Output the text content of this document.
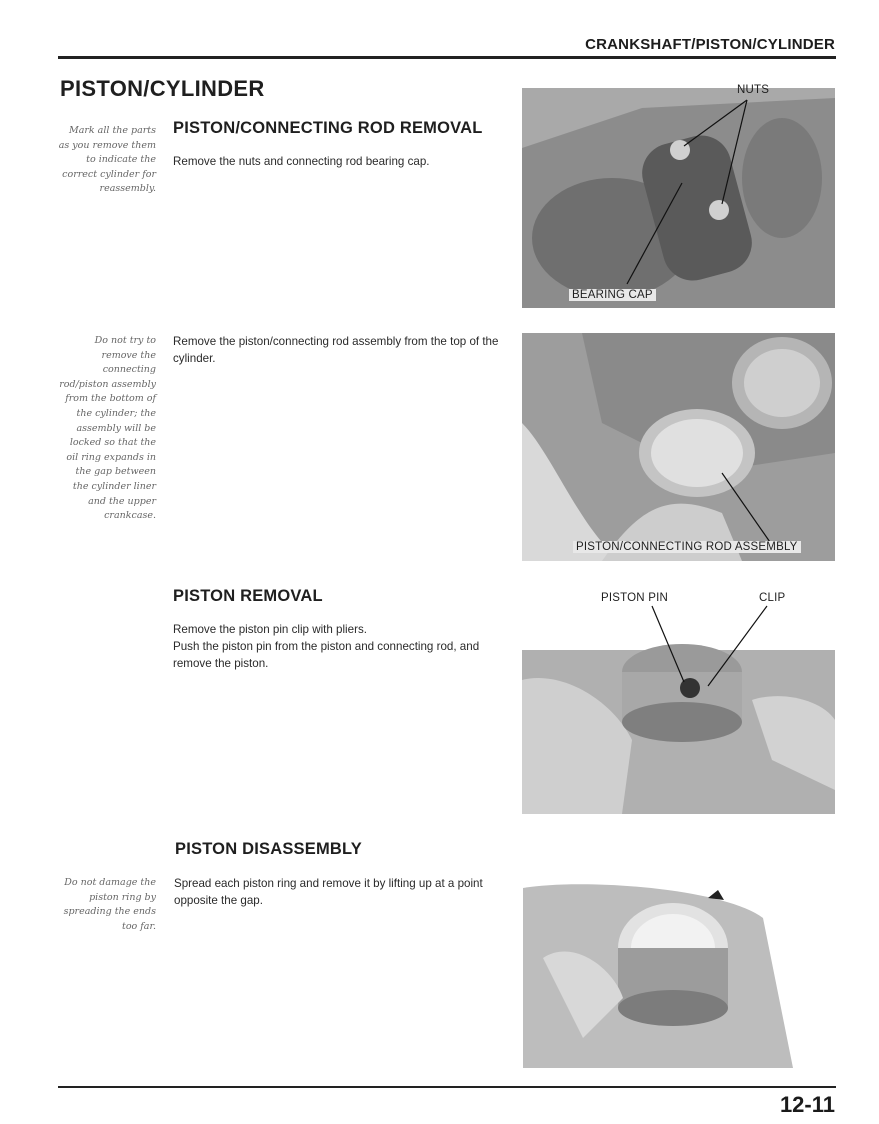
CRANKSHAFT/PISTON/CYLINDER
PISTON/CYLINDER
Mark all the parts as you remove them to indicate the correct cylinder for reassembly.
PISTON/CONNECTING ROD REMOVAL
Remove the nuts and connecting rod bearing cap.
NUTS
BEARING CAP
Do not try to remove the connecting rod/piston assembly from the bottom of the cylinder; the assembly will be locked so that the oil ring expands in the gap between the cylinder liner and the upper crankcase.
Remove the piston/connecting rod assembly from the top of the cylinder.
PISTON/CONNECTING ROD ASSEMBLY
PISTON REMOVAL
Remove the piston pin clip with pliers.
Push the piston pin from the piston and connecting rod, and remove the piston.
PISTON PIN	CLIP
PISTON DISASSEMBLY
Do not damage the piston ring by spreading the ends too far.
Spread each piston ring and remove it by lifting up at a point opposite the gap.
12-11
